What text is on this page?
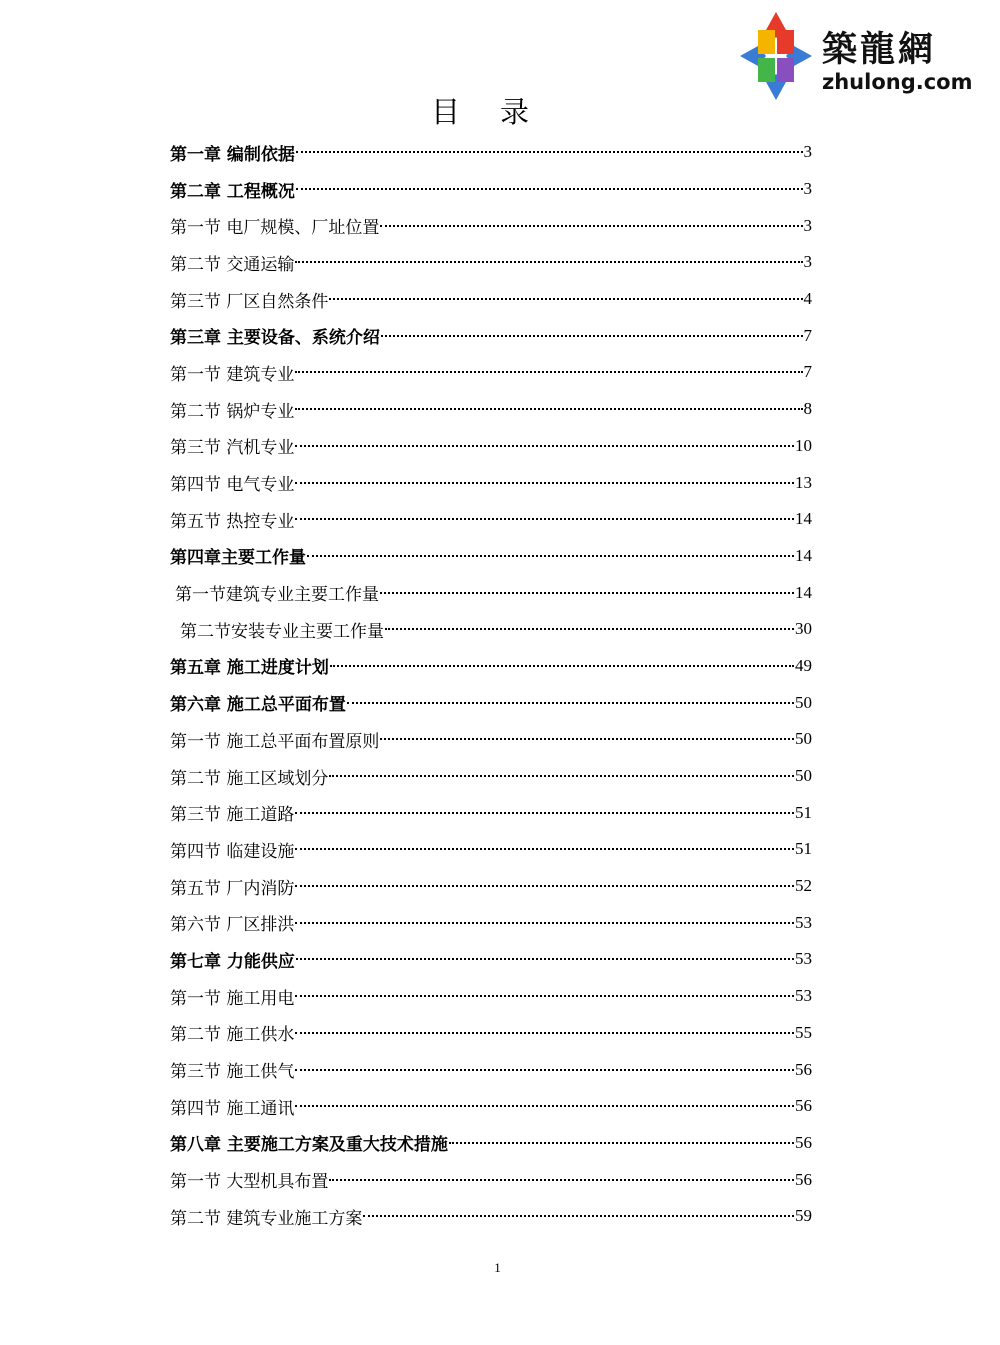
築龍網
zhulong.com
目录
第一章 编制依据	3
第二章 工程概况	3
第一节 电厂规模、厂址位置	3
第二节 交通运输	3
第三节 厂区自然条件	4
第三章 主要设备、系统介绍	7
第一节 建筑专业	7
第二节 锅炉专业	8
第三节 汽机专业	10
第四节 电气专业	13
第五节 热控专业	14
第四章主要工作量	14
第一节建筑专业主要工作量	14
第二节安装专业主要工作量	30
第五章 施工进度计划	49
第六章 施工总平面布置	50
第一节 施工总平面布置原则	50
第二节 施工区域划分	50
第三节 施工道路	51
第四节 临建设施	51
第五节 厂内消防	52
第六节 厂区排洪	53
第七章 力能供应	53
第一节 施工用电	53
第二节 施工供水	55
第三节 施工供气	56
第四节 施工通讯	56
第八章 主要施工方案及重大技术措施	56
第一节 大型机具布置	56
第二节 建筑专业施工方案	59
1
